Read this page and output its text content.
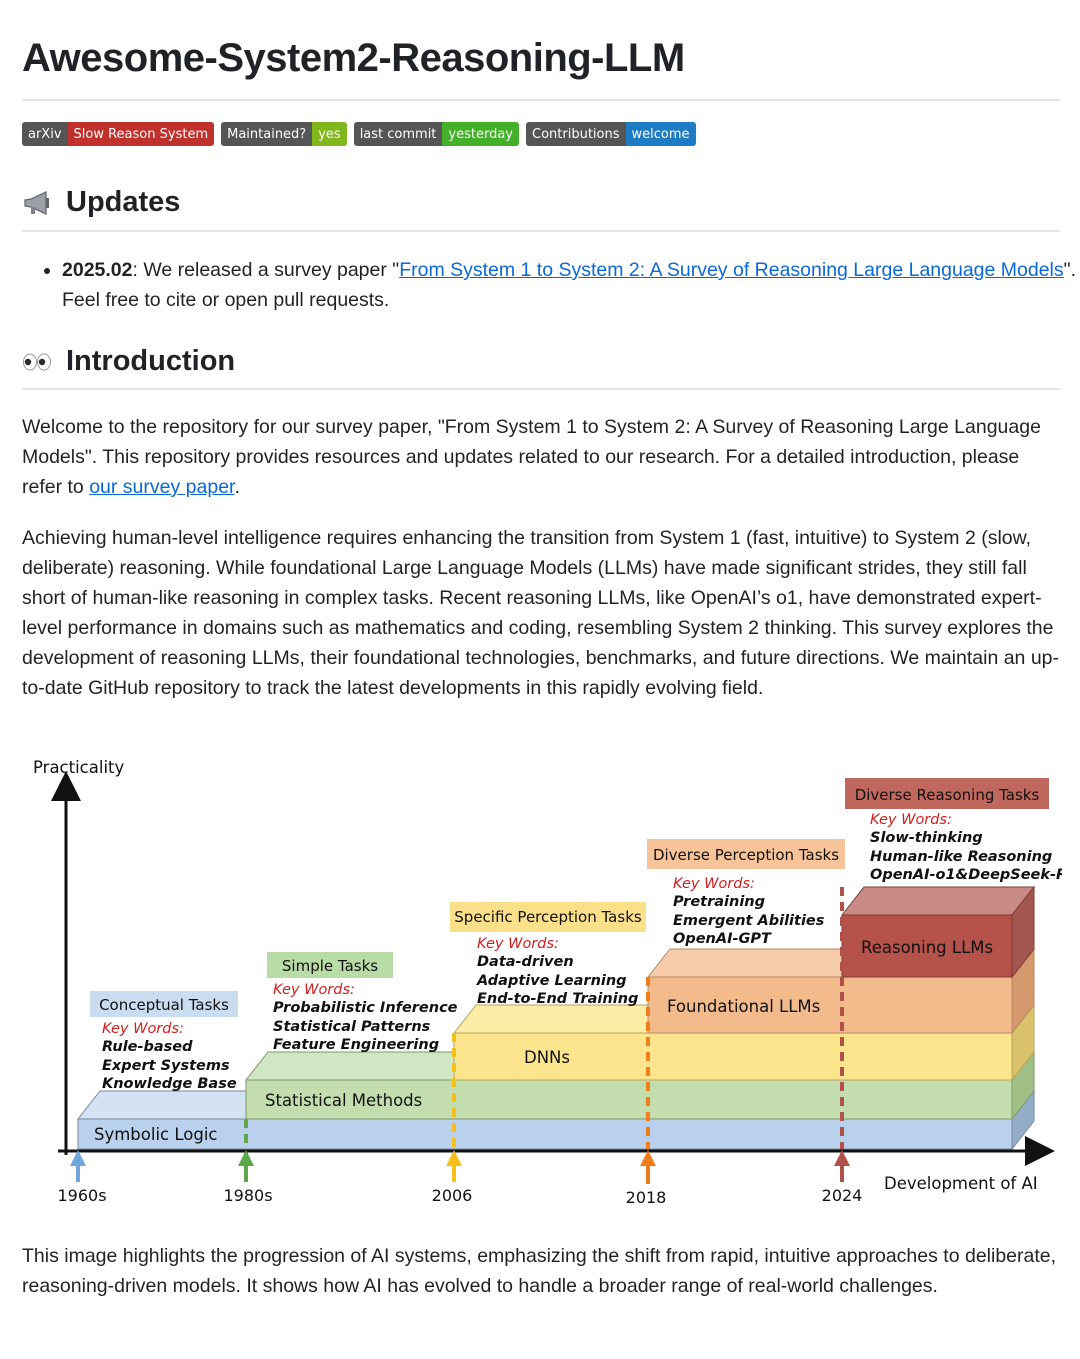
Awesome-System2-Reasoning-LLM
arXiv Slow Reason System	Maintained? yes	last commit yesterday	Contributions welcome
Updates
• 2025.02: We released a survey paper "From System 1 to System 2: A Survey of Reasoning Large Language Models". Feel free to cite or open pull requests.
Introduction

Welcome to the repository for our survey paper, "From System 1 to System 2: A Survey of Reasoning Large Language Models". This repository provides resources and updates related to our research. For a detailed introduction, please refer to our survey paper.

Achieving human-level intelligence requires enhancing the transition from System 1 (fast, intuitive) to System 2 (slow, deliberate) reasoning. While foundational Large Language Models (LLMs) have made significant strides, they still fall short of human-like reasoning in complex tasks. Recent reasoning LLMs, like OpenAI’s o1, have demonstrated expert-level performance in domains such as mathematics and coding, resembling System 2 thinking. This survey explores the development of reasoning LLMs, their foundational technologies, benchmarks, and future directions. We maintain an up-to-date GitHub repository to track the latest developments in this rapidly evolving field.

Symbolic Logic
Statistical Methods
DNNs
Foundational LLMs
Reasoning LLMs
Practicality
Development of AI
1960s	1980s	2006	2018	2024
Conceptual Tasks
Simple Tasks
Specific Perception Tasks
Diverse Perception Tasks
Diverse Reasoning Tasks
Key Words:
Rule-based
Expert Systems
Knowledge Base
Key Words:
Probabilistic Inference
Statistical Patterns
Feature Engineering
Key Words:
Data-driven
Adaptive Learning
End-to-End Training
Key Words:
Pretraining
Emergent Abilities
OpenAI-GPT
Key Words:
Slow-thinking
Human-like Reasoning
OpenAI-o1&DeepSeek-R1

This image highlights the progression of AI systems, emphasizing the shift from rapid, intuitive approaches to deliberate, reasoning-driven models. It shows how AI has evolved to handle a broader range of real-world challenges.
